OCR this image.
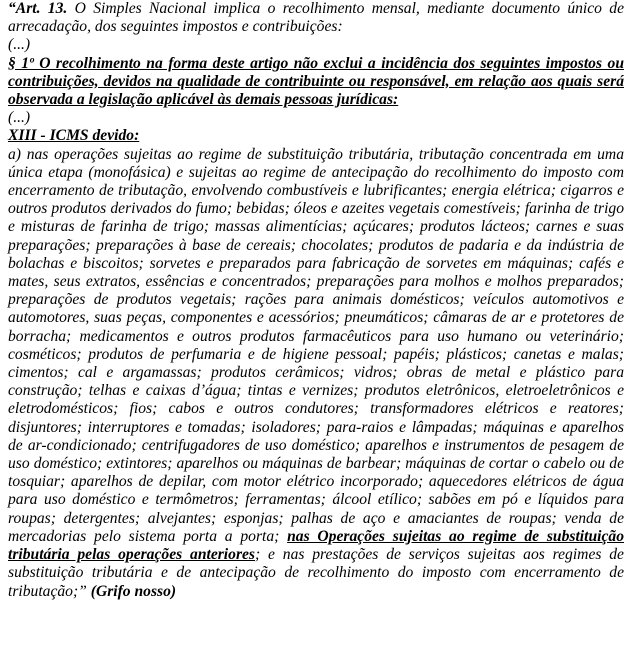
“Art. 13. O Simples Nacional implica o recolhimento mensal, mediante documento único de arrecadação, dos seguintes impostos e contribuições:

(...)

§ 1º O recolhimento na forma deste artigo não exclui a incidência dos seguintes impostos ou contribuições, devidos na qualidade de contribuinte ou responsável, em relação aos quais será observada a legislação aplicável às demais pessoas jurídicas:

(...)

XIII - ICMS devido:

a) nas operações sujeitas ao regime de substituição tributária, tributação concentrada em uma única etapa (monofásica) e sujeitas ao regime de antecipação do recolhimento do imposto com encerramento de tributação, envolvendo combustíveis e lubrificantes; energia elétrica; cigarros e outros produtos derivados do fumo; bebidas; óleos e azeites vegetais comestíveis; farinha de trigo e misturas de farinha de trigo; massas alimentícias; açúcares; produtos lácteos; carnes e suas preparações; preparações à base de cereais; chocolates; produtos de padaria e da indústria de bolachas e biscoitos; sorvetes e preparados para fabricação de sorvetes em máquinas; cafés e mates, seus extratos, essências e concentrados; preparações para molhos e molhos preparados; preparações de produtos vegetais; rações para animais domésticos; veículos automotivos e automotores, suas peças, componentes e acessórios; pneumáticos; câmaras de ar e protetores de borracha; medicamentos e outros produtos farmacêuticos para uso humano ou veterinário; cosméticos; produtos de perfumaria e de higiene pessoal; papéis; plásticos; canetas e malas; cimentos; cal e argamassas; produtos cerâmicos; vidros; obras de metal e plástico para construção; telhas e caixas d’água; tintas e vernizes; produtos eletrônicos, eletroeletrônicos e eletrodomésticos; fios; cabos e outros condutores; transformadores elétricos e reatores; disjuntores; interruptores e tomadas; isoladores; para-raios e lâmpadas; máquinas e aparelhos de ar-condicionado; centrifugadores de uso doméstico; aparelhos e instrumentos de pesagem de uso doméstico; extintores; aparelhos ou máquinas de barbear; máquinas de cortar o cabelo ou de tosquiar; aparelhos de depilar, com motor elétrico incorporado; aquecedores elétricos de água para uso doméstico e termômetros; ferramentas; álcool etílico; sabões em pó e líquidos para roupas; detergentes; alvejantes; esponjas; palhas de aço e amaciantes de roupas; venda de mercadorias pelo sistema porta a porta; nas Operações sujeitas ao regime de substituição tributária pelas operações anteriores; e nas prestações de serviços sujeitas aos regimes de substituição tributária e de antecipação de recolhimento do imposto com encerramento de tributação;” (Grifo nosso)
